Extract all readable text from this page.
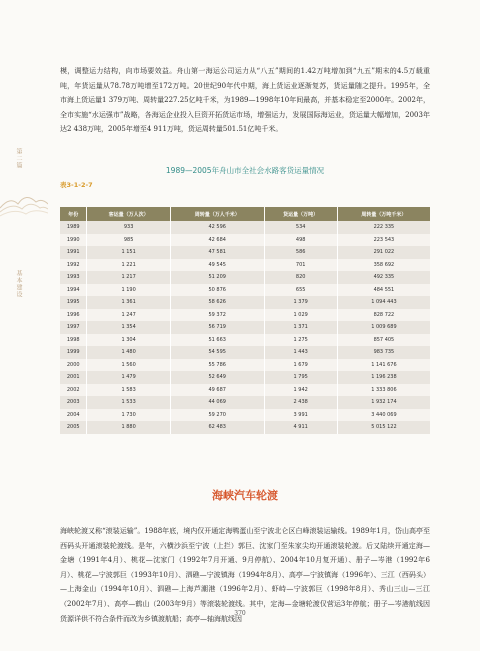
模，调整运力结构，向市场要效益。舟山第一海运公司运力从“八五”期间的1.42万吨增加到“九五”期末的4.5万载重吨，年货运量从78.78万吨增至172万吨。20世纪90年代中期，海上货运业逐渐复苏，货运量随之提升。1995年，全市海上货运量1 379万吨、周转量227.25亿吨千米，为1989—1998年10年间最高，并基本稳定至2000年。2002年，全市实施“水运强市”战略，各海运企业投入巨资开拓货运市场，增强运力，发展国际海运业，货运量大幅增加，2003年达2 438万吨，2005年增至4 911万吨，货运周转量501.51亿吨千米。

第二篇
基本建设
1989—2005年舟山市全社会水路客货运量情况
表3-1-2-7
年份	客运量（万人次）	周转量（万人千米）	货运量（万吨）	周转量（万吨千米）
1989	933	42 596	534	222 335
1990	985	42 684	498	223 543
1991	1 151	47 581	586	291 022
1992	1 221	49 545	701	358 692
1993	1 217	51 209	820	492 335
1994	1 190	50 876	655	484 551
1995	1 361	58 626	1 379	1 094 443
1996	1 247	59 372	1 029	828 722
1997	1 354	56 719	1 371	1 009 689
1998	1 304	51 663	1 275	857 405
1999	1 480	54 595	1 443	983 735
2000	1 560	55 786	1 679	1 141 676
2001	1 479	52 649	1 795	1 196 238
2002	1 583	49 687	1 942	1 333 806
2003	1 533	44 069	2 438	1 932 174
2004	1 730	59 270	3 991	3 440 069
2005	1 880	62 483	4 911	5 015 122
海峡汽车轮渡

海峡轮渡又称“滚装运输”。1988年底，境内仅开通定海鸭蛋山至宁波北仑区白峰滚装运输线。1989年1月，岱山高亭至西码头开通滚装轮渡线。是年，六横沙浜至宁波（上拦）郭巨、沈家门至朱家尖均开通滚装轮渡。后又陆续开通定海—金塘（1991年4月）、桃花—沈家门（1992年7月开通、9月停航）、2004年10月复开通）、册子—岑港（1992年6月）、桃花—宁波郭巨（1993年10月）、泗礁—宁波镇海（1994年8月）、高亭—宁波镇海（1996年）、三江（西码头）—上海金山（1994年10月）、泗礁—上海芦潮港（1996年2月）、虾峙—宁波郭巨（1998年8月）、秀山三山—三江（2002年7月）、高亭—鹤山（2003年9月）等滚装轮渡线。其中，定海—金塘轮渡仅营运3年停航；册子—岑港航线因货源详供不符合条件而改为乡镇渡航船；高亭—轴海航线因

370
